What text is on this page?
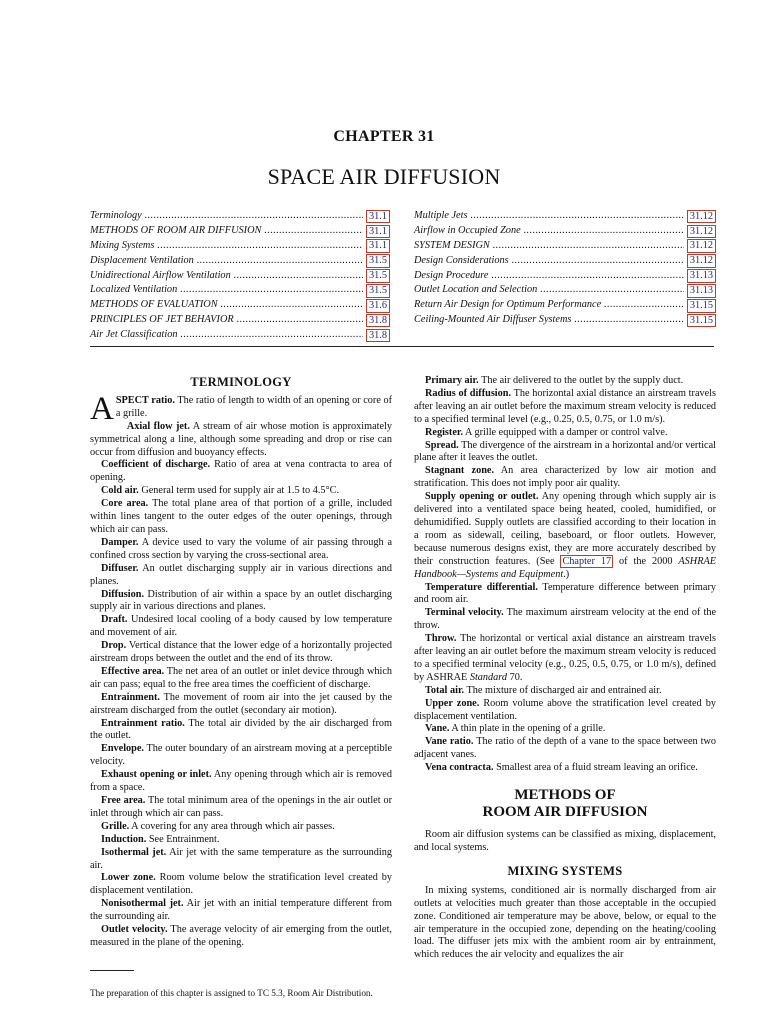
CHAPTER 31
SPACE AIR DIFFUSION
Terminology .....	31.1
METHODS OF ROOM AIR DIFFUSION .....	31.1
Mixing Systems .....	31.1
Displacement Ventilation .....	31.5
Unidirectional Airflow Ventilation .....	31.5
Localized Ventilation .....	31.5
METHODS OF EVALUATION .....	31.6
PRINCIPLES OF JET BEHAVIOR .....	31.8
Air Jet Classification .....	31.8
Multiple Jets .....	31.12
Airflow in Occupied Zone .....	31.12
SYSTEM DESIGN .....	31.12
Design Considerations .....	31.12
Design Procedure .....	31.13
Outlet Location and Selection .....	31.13
Return Air Design for Optimum Performance .....	31.15
Ceiling-Mounted Air Diffuser Systems .....	31.15
TERMINOLOGY

ASPECT ratio. The ratio of length to width of an opening or core of a grille.

Axial flow jet. A stream of air whose motion is approximately symmetrical along a line, although some spreading and drop or rise can occur from diffusion and buoyancy effects.

Coefficient of discharge. Ratio of area at vena contracta to area of opening.

Cold air. General term used for supply air at 1.5 to 4.5°C.

Core area. The total plane area of that portion of a grille, included within lines tangent to the outer edges of the outer openings, through which air can pass.

Damper. A device used to vary the volume of air passing through a confined cross section by varying the cross-sectional area.

Diffuser. An outlet discharging supply air in various directions and planes.

Diffusion. Distribution of air within a space by an outlet discharging supply air in various directions and planes.

Draft. Undesired local cooling of a body caused by low temperature and movement of air.

Drop. Vertical distance that the lower edge of a horizontally projected airstream drops between the outlet and the end of its throw.

Effective area. The net area of an outlet or inlet device through which air can pass; equal to the free area times the coefficient of discharge.

Entrainment. The movement of room air into the jet caused by the airstream discharged from the outlet (secondary air motion).

Entrainment ratio. The total air divided by the air discharged from the outlet.

Envelope. The outer boundary of an airstream moving at a perceptible velocity.

Exhaust opening or inlet. Any opening through which air is removed from a space.

Free area. The total minimum area of the openings in the air outlet or inlet through which air can pass.

Grille. A covering for any area through which air passes.

Induction. See Entrainment.

Isothermal jet. Air jet with the same temperature as the surrounding air.

Lower zone. Room volume below the stratification level created by displacement ventilation.

Nonisothermal jet. Air jet with an initial temperature different from the surrounding air.

Outlet velocity. The average velocity of air emerging from the outlet, measured in the plane of the opening.

The preparation of this chapter is assigned to TC 5.3, Room Air Distribution.

Primary air. The air delivered to the outlet by the supply duct.

Radius of diffusion. The horizontal axial distance an airstream travels after leaving an air outlet before the maximum stream velocity is reduced to a specified terminal level (e.g., 0.25, 0.5, 0.75, or 1.0 m/s).

Register. A grille equipped with a damper or control valve.

Spread. The divergence of the airstream in a horizontal and/or vertical plane after it leaves the outlet.

Stagnant zone. An area characterized by low air motion and stratification. This does not imply poor air quality.

Supply opening or outlet. Any opening through which supply air is delivered into a ventilated space being heated, cooled, humidified, or dehumidified. Supply outlets are classified according to their location in a room as sidewall, ceiling, baseboard, or floor outlets. However, because numerous designs exist, they are more accurately described by their construction features. (See Chapter 17 of the 2000 ASHRAE Handbook—Systems and Equipment.)

Temperature differential. Temperature difference between primary and room air.

Terminal velocity. The maximum airstream velocity at the end of the throw.

Throw. The horizontal or vertical axial distance an airstream travels after leaving an air outlet before the maximum stream velocity is reduced to a specified terminal velocity (e.g., 0.25, 0.5, 0.75, or 1.0 m/s), defined by ASHRAE Standard 70.

Total air. The mixture of discharged air and entrained air.

Upper zone. Room volume above the stratification level created by displacement ventilation.

Vane. A thin plate in the opening of a grille.

Vane ratio. The ratio of the depth of a vane to the space between two adjacent vanes.

Vena contracta. Smallest area of a fluid stream leaving an orifice.

METHODS OF
ROOM AIR DIFFUSION

Room air diffusion systems can be classified as mixing, displacement, and local systems.

MIXING SYSTEMS

In mixing systems, conditioned air is normally discharged from air outlets at velocities much greater than those acceptable in the occupied zone. Conditioned air temperature may be above, below, or equal to the air temperature in the occupied zone, depending on the heating/cooling load. The diffuser jets mix with the ambient room air by entrainment, which reduces the air velocity and equalizes the air
